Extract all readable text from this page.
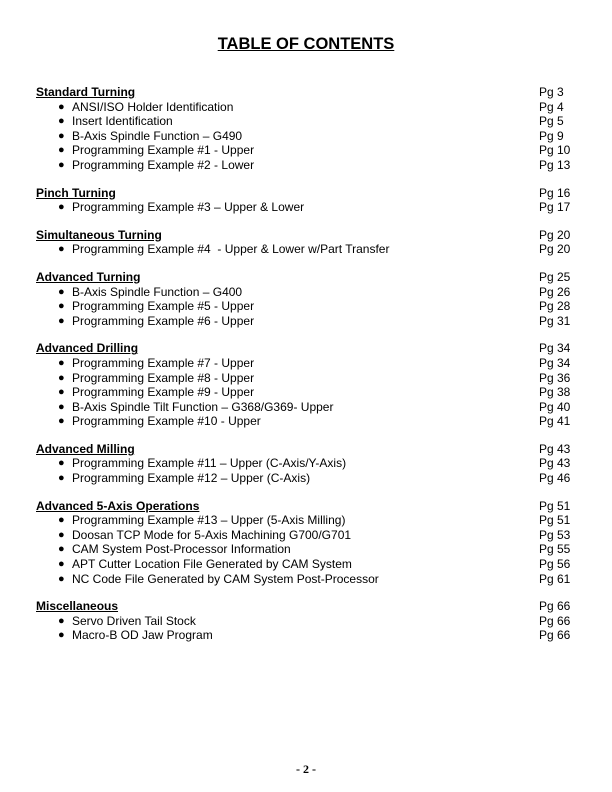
TABLE OF CONTENTS
Standard Turning	Pg 3
● ANSI/ISO Holder Identification	Pg 4
● Insert Identification	Pg 5
● B-Axis Spindle Function – G490	Pg 9
● Programming Example #1 - Upper	Pg 10
● Programming Example #2 - Lower	Pg 13
Pinch Turning	Pg 16
● Programming Example #3 – Upper & Lower	Pg 17
Simultaneous Turning	Pg 20
● Programming Example #4  - Upper & Lower w/Part Transfer	Pg 20
Advanced Turning	Pg 25
● B-Axis Spindle Function – G400	Pg 26
● Programming Example #5 - Upper	Pg 28
● Programming Example #6 - Upper	Pg 31
Advanced Drilling	Pg 34
● Programming Example #7 - Upper	Pg 34
● Programming Example #8 - Upper	Pg 36
● Programming Example #9 - Upper	Pg 38
● B-Axis Spindle Tilt Function – G368/G369- Upper	Pg 40
● Programming Example #10 - Upper	Pg 41
Advanced Milling	Pg 43
● Programming Example #11 – Upper (C-Axis/Y-Axis)	Pg 43
● Programming Example #12 – Upper (C-Axis)	Pg 46
Advanced 5-Axis Operations	Pg 51
● Programming Example #13 – Upper (5-Axis Milling)	Pg 51
● Doosan TCP Mode for 5-Axis Machining G700/G701	Pg 53
● CAM System Post-Processor Information	Pg 55
● APT Cutter Location File Generated by CAM System	Pg 56
● NC Code File Generated by CAM System Post-Processor	Pg 61
Miscellaneous	Pg 66
● Servo Driven Tail Stock	Pg 66
● Macro-B OD Jaw Program	Pg 66
- 2 -
